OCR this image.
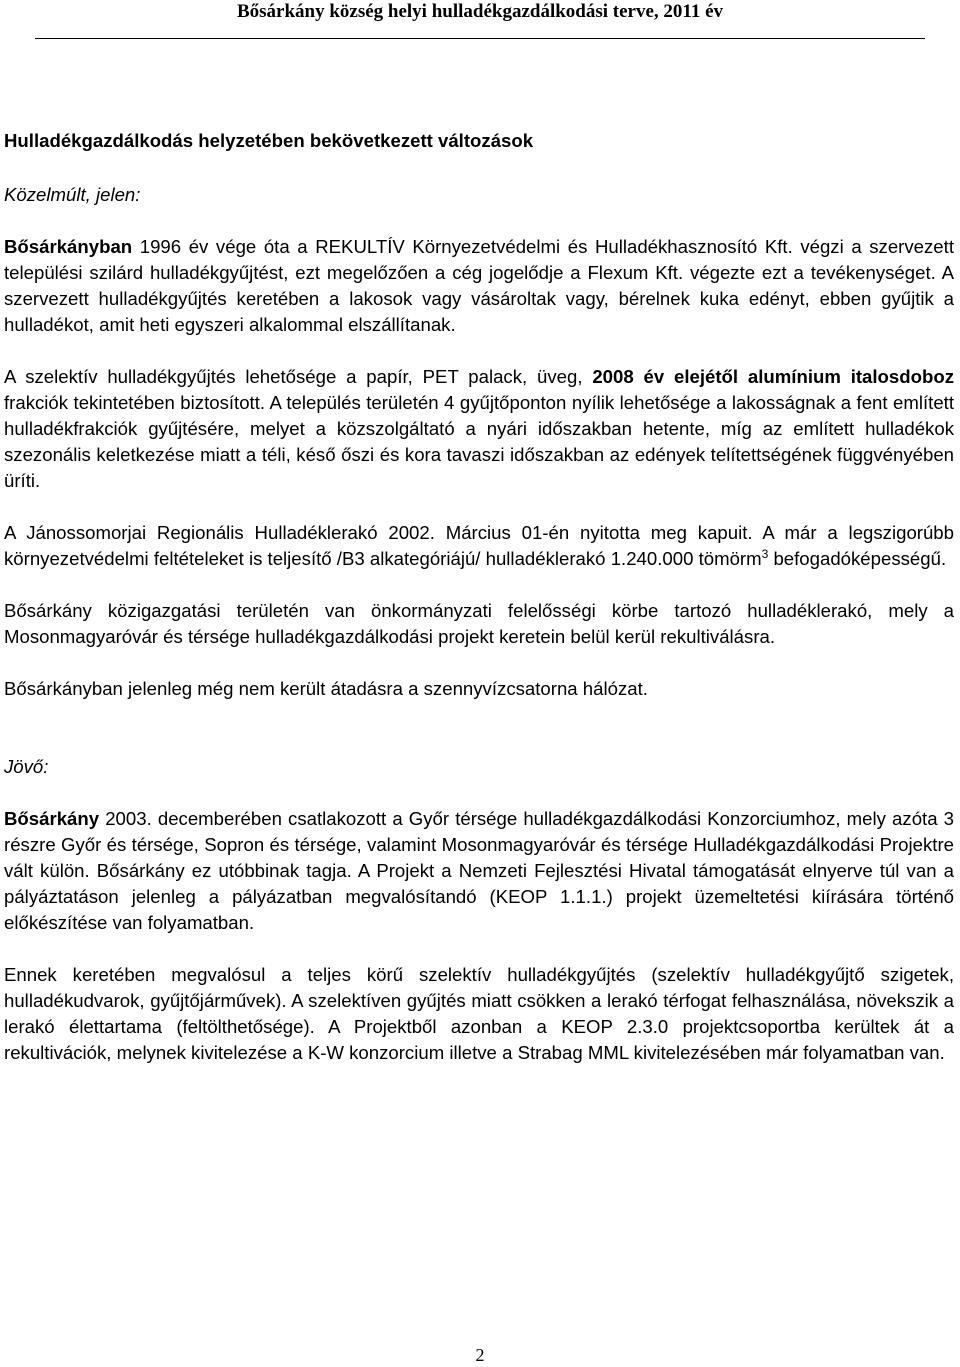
Bősárkány község helyi hulladékgazdálkodási terve, 2011 év

Hulladékgazdálkodás helyzetében bekövetkezett változások

Közelmúlt, jelen:

Bősárkányban 1996 év vége óta a REKULTÍV Környezetvédelmi és Hulladékhasznosító Kft. végzi a szervezett települési szilárd hulladékgyűjtést, ezt megelőzően a cég jogelődje a Flexum Kft. végezte ezt a tevékenységet. A szervezett hulladékgyűjtés keretében a lakosok vagy vásároltak vagy, bérelnek kuka edényt, ebben gyűjtik a hulladékot, amit heti egyszeri alkalommal elszállítanak.

A szelektív hulladékgyűjtés lehetősége a papír, PET palack, üveg, 2008 év elejétől alumínium italosdoboz frakciók tekintetében biztosított. A település területén 4 gyűjtőponton nyílik lehetősége a lakosságnak a fent említett hulladékfrakciók gyűjtésére, melyet a közszolgáltató a nyári időszakban hetente, míg az említett hulladékok szezonális keletkezése miatt a téli, késő őszi és kora tavaszi időszakban az edények telítettségének függvényében üríti.

A Jánossomorjai Regionális Hulladéklerakó 2002. Március 01-én nyitotta meg kapuit. A már a legszigorúbb környezetvédelmi feltételeket is teljesítő /B3 alkategóriájú/ hulladéklerakó 1.240.000 tömörm$^3$ befogadóképességű.

Bősárkány közigazgatási területén van önkormányzati felelősségi körbe tartozó hulladéklerakó, mely a Mosonmagyaróvár és térsége hulladékgazdálkodási projekt keretein belül kerül rekultiválásra.

Bősárkányban jelenleg még nem került átadásra a szennyvízcsatorna hálózat.

Jövő:

Bősárkány 2003. decemberében csatlakozott a Győr térsége hulladékgazdálkodási Konzorciumhoz, mely azóta 3 részre Győr és térsége, Sopron és térsége, valamint Mosonmagyaróvár és térsége Hulladékgazdálkodási Projektre vált külön. Bősárkány ez utóbbinak tagja. A Projekt a Nemzeti Fejlesztési Hivatal támogatását elnyerve túl van a pályáztatáson jelenleg a pályázatban megvalósítandó (KEOP 1.1.1.) projekt üzemeltetési kiírására történő előkészítése van folyamatban.

Ennek keretében megvalósul a teljes körű szelektív hulladékgyűjtés (szelektív hulladékgyűjtő szigetek, hulladékudvarok, gyűjtőjárművek). A szelektíven gyűjtés miatt csökken a lerakó térfogat felhasználása, növekszik a lerakó élettartama (feltölthetősége). A Projektből azonban a KEOP 2.3.0 projektcsoportba kerültek át a rekultivációk, melynek kivitelezése a K-W konzorcium illetve a Strabag MML kivitelezésében már folyamatban van.

2
